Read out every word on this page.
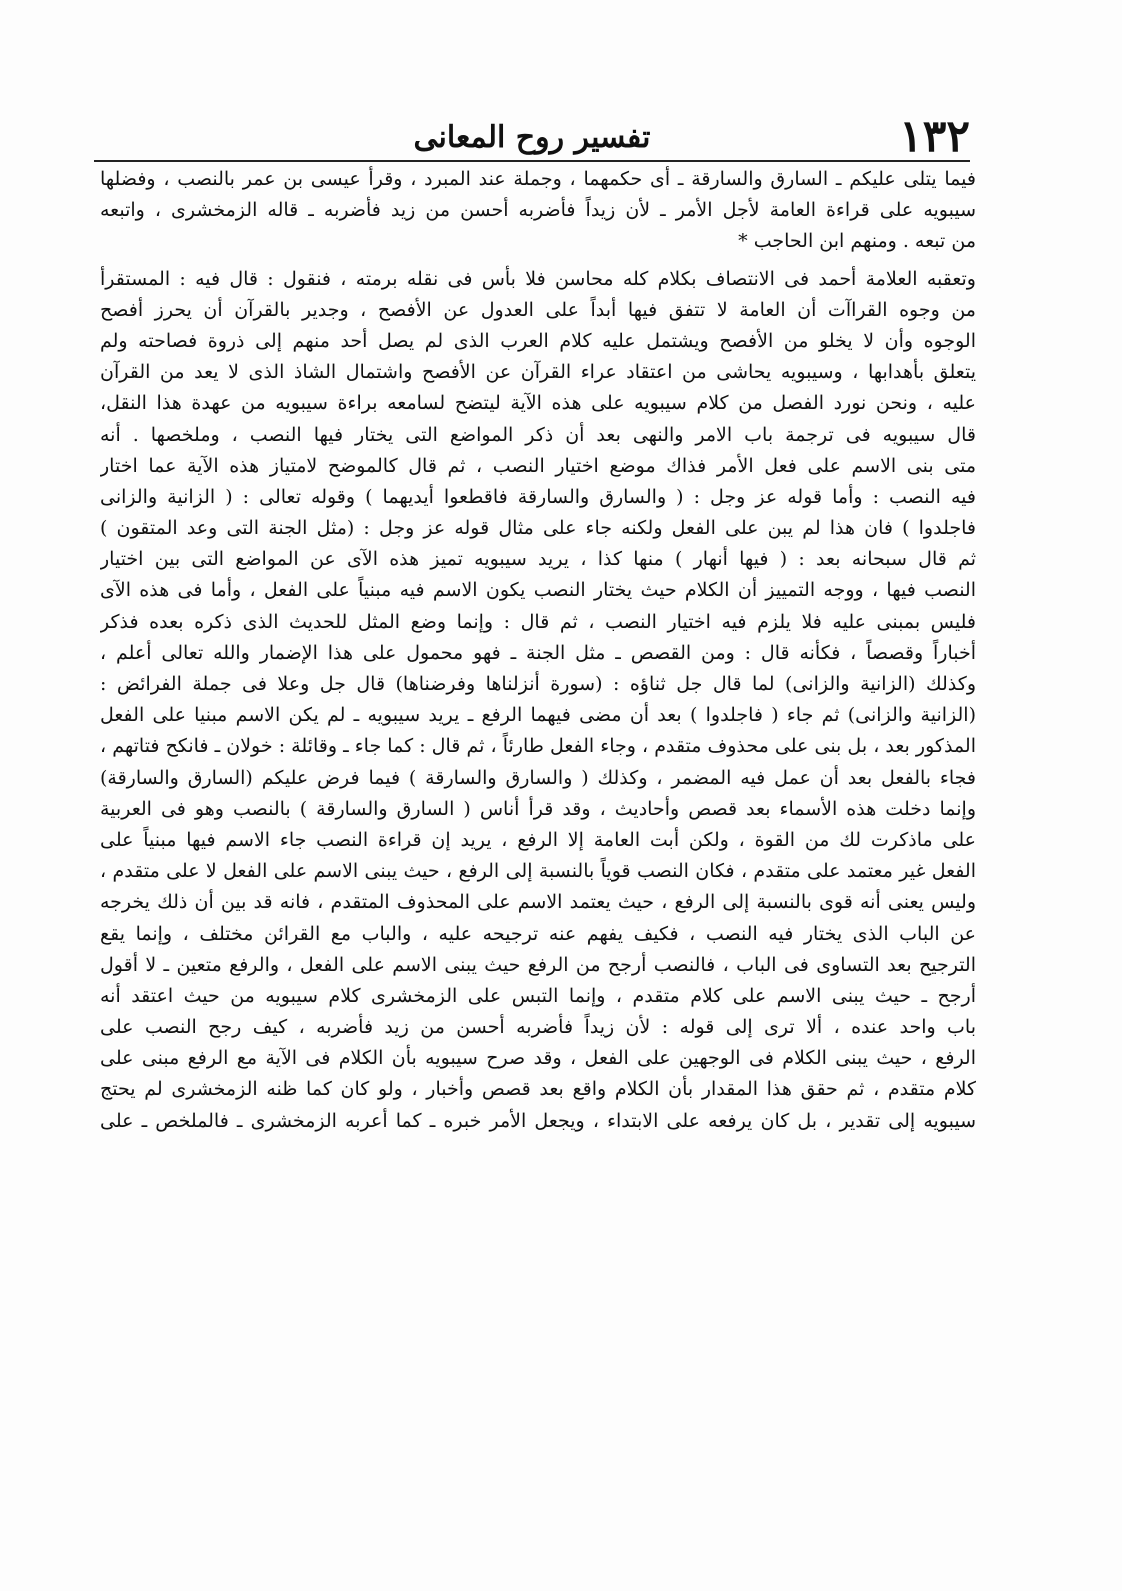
١٣٢
تفسير روح المعانى
فيما يتلى عليكم ـ السارق والسارقة ـ أى حكمهما ، وجملة عند المبرد ، وقرأ عيسى بن عمر بالنصب ، وفضلها
سيبويه على قراءة العامة لأجل الأمر ـ لأن زيداً فأضربه أحسن من زيد فأضربه ـ قاله الزمخشرى ، واتبعه
من تبعه . ومنهم ابن الحاجب *
وتعقبه العلامة أحمد فى الانتصاف بكلام كله محاسن فلا بأس فى نقله برمته ، فنقول : قال فيه : المستقرأ
من وجوه القراآت أن العامة لا تتفق فيها أبداً على العدول عن الأفصح ، وجدير بالقرآن أن يحرز أفصح
الوجوه وأن لا يخلو من الأفصح ويشتمل عليه كلام العرب الذى لم يصل أحد منهم إلى ذروة فصاحته ولم
يتعلق بأهدابها ، وسيبويه يحاشى من اعتقاد عراء القرآن عن الأفصح واشتمال الشاذ الذى لا يعد من القرآن
عليه ، ونحن نورد الفصل من كلام سيبويه على هذه الآية ليتضح لسامعه براءة سيبويه من عهدة هذا النقل،
قال سيبويه فى ترجمة باب الامر والنهى بعد أن ذكر المواضع التى يختار فيها النصب ، وملخصها . أنه
متى بنى الاسم على فعل الأمر فذاك موضع اختيار النصب ، ثم قال كالموضح لامتياز هذه الآية عما اختار
فيه النصب : وأما قوله عز وجل : ( والسارق والسارقة فاقطعوا أيديهما ) وقوله تعالى : ( الزانية والزانى
فاجلدوا ) فان هذا لم يبن على الفعل ولكنه جاء على مثال قوله عز وجل : (مثل الجنة التى وعد المتقون )
ثم قال سبحانه بعد : ( فيها أنهار ) منها كذا ، يريد سيبويه تميز هذه الآى عن المواضع التى بين اختيار
النصب فيها ، ووجه التمييز أن الكلام حيث يختار النصب يكون الاسم فيه مبنياً على الفعل ، وأما فى هذه الآى
فليس بمبنى عليه فلا يلزم فيه اختيار النصب ، ثم قال : وإنما وضع المثل للحديث الذى ذكره بعده فذكر
أخباراً وقصصاً ، فكأنه قال : ومن القصص ـ مثل الجنة ـ فهو محمول على هذا الإضمار والله تعالى أعلم ،
وكذلك (الزانية والزانى) لما قال جل ثناؤه : (سورة أنزلناها وفرضناها) قال جل وعلا فى جملة الفرائض :
(الزانية والزانى) ثم جاء ( فاجلدوا ) بعد أن مضى فيهما الرفع ـ يريد سيبويه ـ لم يكن الاسم مبنيا على الفعل
المذكور بعد ، بل بنى على محذوف متقدم ، وجاء الفعل طارئاً ، ثم قال : كما جاء ـ وقائلة : خولان ـ فانكح فتاتهم ،
فجاء بالفعل بعد أن عمل فيه المضمر ، وكذلك ( والسارق والسارقة ) فيما فرض عليكم (السارق والسارقة)
وإنما دخلت هذه الأسماء بعد قصص وأحاديث ، وقد قرأ أناس ( السارق والسارقة ) بالنصب وهو فى العربية
على ماذكرت لك من القوة ، ولكن أبت العامة إلا الرفع ، يريد إن قراءة النصب جاء الاسم فيها مبنياً على
الفعل غير معتمد على متقدم ، فكان النصب قوياً بالنسبة إلى الرفع ، حيث يبنى الاسم على الفعل لا على متقدم ،
وليس يعنى أنه قوى بالنسبة إلى الرفع ، حيث يعتمد الاسم على المحذوف المتقدم ، فانه قد بين أن ذلك يخرجه
عن الباب الذى يختار فيه النصب ، فكيف يفهم عنه ترجيحه عليه ، والباب مع القرائن مختلف ، وإنما يقع
الترجيح بعد التساوى فى الباب ، فالنصب أرجح من الرفع حيث يبنى الاسم على الفعل ، والرفع متعين ـ لا أقول
أرجح ـ حيث يبنى الاسم على كلام متقدم ، وإنما التبس على الزمخشرى كلام سيبويه من حيث اعتقد أنه
باب واحد عنده ، ألا ترى إلى قوله : لأن زيداً فأضربه أحسن من زيد فأضربه ، كيف رجح النصب على
الرفع ، حيث يبنى الكلام فى الوجهين على الفعل ، وقد صرح سيبويه بأن الكلام فى الآية مع الرفع مبنى على
كلام متقدم ، ثم حقق هذا المقدار بأن الكلام واقع بعد قصص وأخبار ، ولو كان كما ظنه الزمخشرى لم يحتج
سيبويه إلى تقدير ، بل كان يرفعه على الابتداء ، ويجعل الأمر خبره ـ كما أعربه الزمخشرى ـ فالملخص ـ على
